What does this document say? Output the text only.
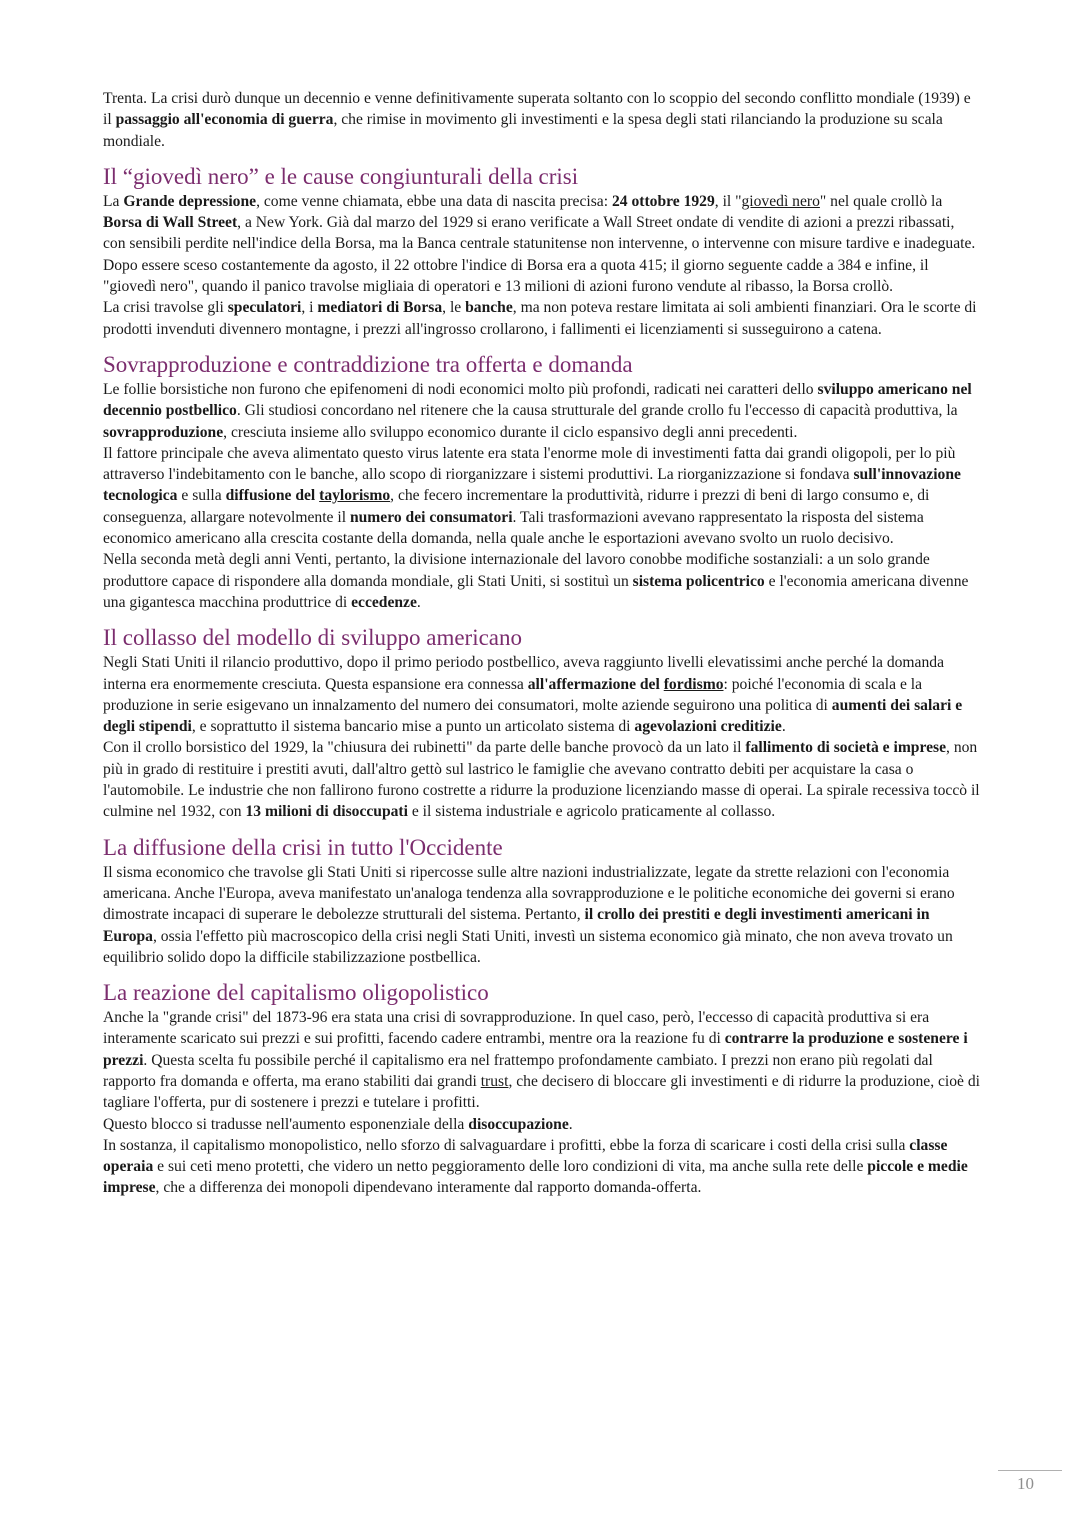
Trenta. La crisi durò dunque un decennio e venne definitivamente superata soltanto con lo scoppio del secondo conflitto mondiale (1939) e il passaggio all'economia di guerra, che rimise in movimento gli investimenti e la spesa degli stati rilanciando la produzione su scala mondiale.

Il “giovedì nero” e le cause congiunturali della crisi

La Grande depressione, come venne chiamata, ebbe una data di nascita precisa: 24 ottobre 1929, il "giovedì nero" nel quale crollò la Borsa di Wall Street, a New York. Già dal marzo del 1929 si erano verificate a Wall Street ondate di vendite di azioni a prezzi ribassati, con sensibili perdite nell'indice della Borsa, ma la Banca centrale statunitense non intervenne, o intervenne con misure tardive e inadeguate. Dopo essere sceso costantemente da agosto, il 22 ottobre l'indice di Borsa era a quota 415; il giorno seguente cadde a 384 e infine, il "giovedì nero", quando il panico travolse migliaia di operatori e 13 milioni di azioni furono vendute al ribasso, la Borsa crollò.

La crisi travolse gli speculatori, i mediatori di Borsa, le banche, ma non poteva restare limitata ai soli ambienti finanziari. Ora le scorte di prodotti invenduti divennero montagne, i prezzi all'ingrosso crollarono, i fallimenti ei licenziamenti si susseguirono a catena.

Sovrapproduzione e contraddizione tra offerta e domanda

Le follie borsistiche non furono che epifenomeni di nodi economici molto più profondi, radicati nei caratteri dello sviluppo americano nel decennio postbellico. Gli studiosi concordano nel ritenere che la causa strutturale del grande crollo fu l'eccesso di capacità produttiva, la sovrapproduzione, cresciuta insieme allo sviluppo economico durante il ciclo espansivo degli anni precedenti.

Il fattore principale che aveva alimentato questo virus latente era stata l'enorme mole di investimenti fatta dai grandi oligopoli, per lo più attraverso l'indebitamento con le banche, allo scopo di riorganizzare i sistemi produttivi. La riorganizzazione si fondava sull'innovazione tecnologica e sulla diffusione del taylorismo, che fecero incrementare la produttività, ridurre i prezzi di beni di largo consumo e, di conseguenza, allargare notevolmente il numero dei consumatori. Tali trasformazioni avevano rappresentato la risposta del sistema economico americano alla crescita costante della domanda, nella quale anche le esportazioni avevano svolto un ruolo decisivo.

Nella seconda metà degli anni Venti, pertanto, la divisione internazionale del lavoro conobbe modifiche sostanziali: a un solo grande produttore capace di rispondere alla domanda mondiale, gli Stati Uniti, si sostituì un sistema policentrico e l'economia americana divenne una gigantesca macchina produttrice di eccedenze.

Il collasso del modello di sviluppo americano

Negli Stati Uniti il rilancio produttivo, dopo il primo periodo postbellico, aveva raggiunto livelli elevatissimi anche perché la domanda interna era enormemente cresciuta. Questa espansione era connessa all'affermazione del fordismo: poiché l'economia di scala e la produzione in serie esigevano un innalzamento del numero dei consumatori, molte aziende seguirono una politica di aumenti dei salari e degli stipendi, e soprattutto il sistema bancario mise a punto un articolato sistema di agevolazioni creditizie.

Con il crollo borsistico del 1929, la "chiusura dei rubinetti" da parte delle banche provocò da un lato il fallimento di società e imprese, non più in grado di restituire i prestiti avuti, dall'altro gettò sul lastrico le famiglie che avevano contratto debiti per acquistare la casa o l'automobile. Le industrie che non fallirono furono costrette a ridurre la produzione licenziando masse di operai. La spirale recessiva toccò il culmine nel 1932, con 13 milioni di disoccupati e il sistema industriale e agricolo praticamente al collasso.

La diffusione della crisi in tutto l'Occidente

Il sisma economico che travolse gli Stati Uniti si ripercosse sulle altre nazioni industrializzate, legate da strette relazioni con l'economia americana. Anche l'Europa, aveva manifestato un'analoga tendenza alla sovrapproduzione e le politiche economiche dei governi si erano dimostrate incapaci di superare le debolezze strutturali del sistema. Pertanto, il crollo dei prestiti e degli investimenti americani in Europa, ossia l'effetto più macroscopico della crisi negli Stati Uniti, investì un sistema economico già minato, che non aveva trovato un equilibrio solido dopo la difficile stabilizzazione postbellica.

La reazione del capitalismo oligopolistico

Anche la "grande crisi" del 1873-96 era stata una crisi di sovrapproduzione. In quel caso, però, l'eccesso di capacità produttiva si era interamente scaricato sui prezzi e sui profitti, facendo cadere entrambi, mentre ora la reazione fu di contrarre la produzione e sostenere i prezzi. Questa scelta fu possibile perché il capitalismo era nel frattempo profondamente cambiato. I prezzi non erano più regolati dal rapporto fra domanda e offerta, ma erano stabiliti dai grandi trust, che decisero di bloccare gli investimenti e di ridurre la produzione, cioè di tagliare l'offerta, pur di sostenere i prezzi e tutelare i profitti.

Questo blocco si tradusse nell'aumento esponenziale della disoccupazione.

In sostanza, il capitalismo monopolistico, nello sforzo di salvaguardare i profitti, ebbe la forza di scaricare i costi della crisi sulla classe operaia e sui ceti meno protetti, che videro un netto peggioramento delle loro condizioni di vita, ma anche sulla rete delle piccole e medie imprese, che a differenza dei monopoli dipendevano interamente dal rapporto domanda-offerta.

10
